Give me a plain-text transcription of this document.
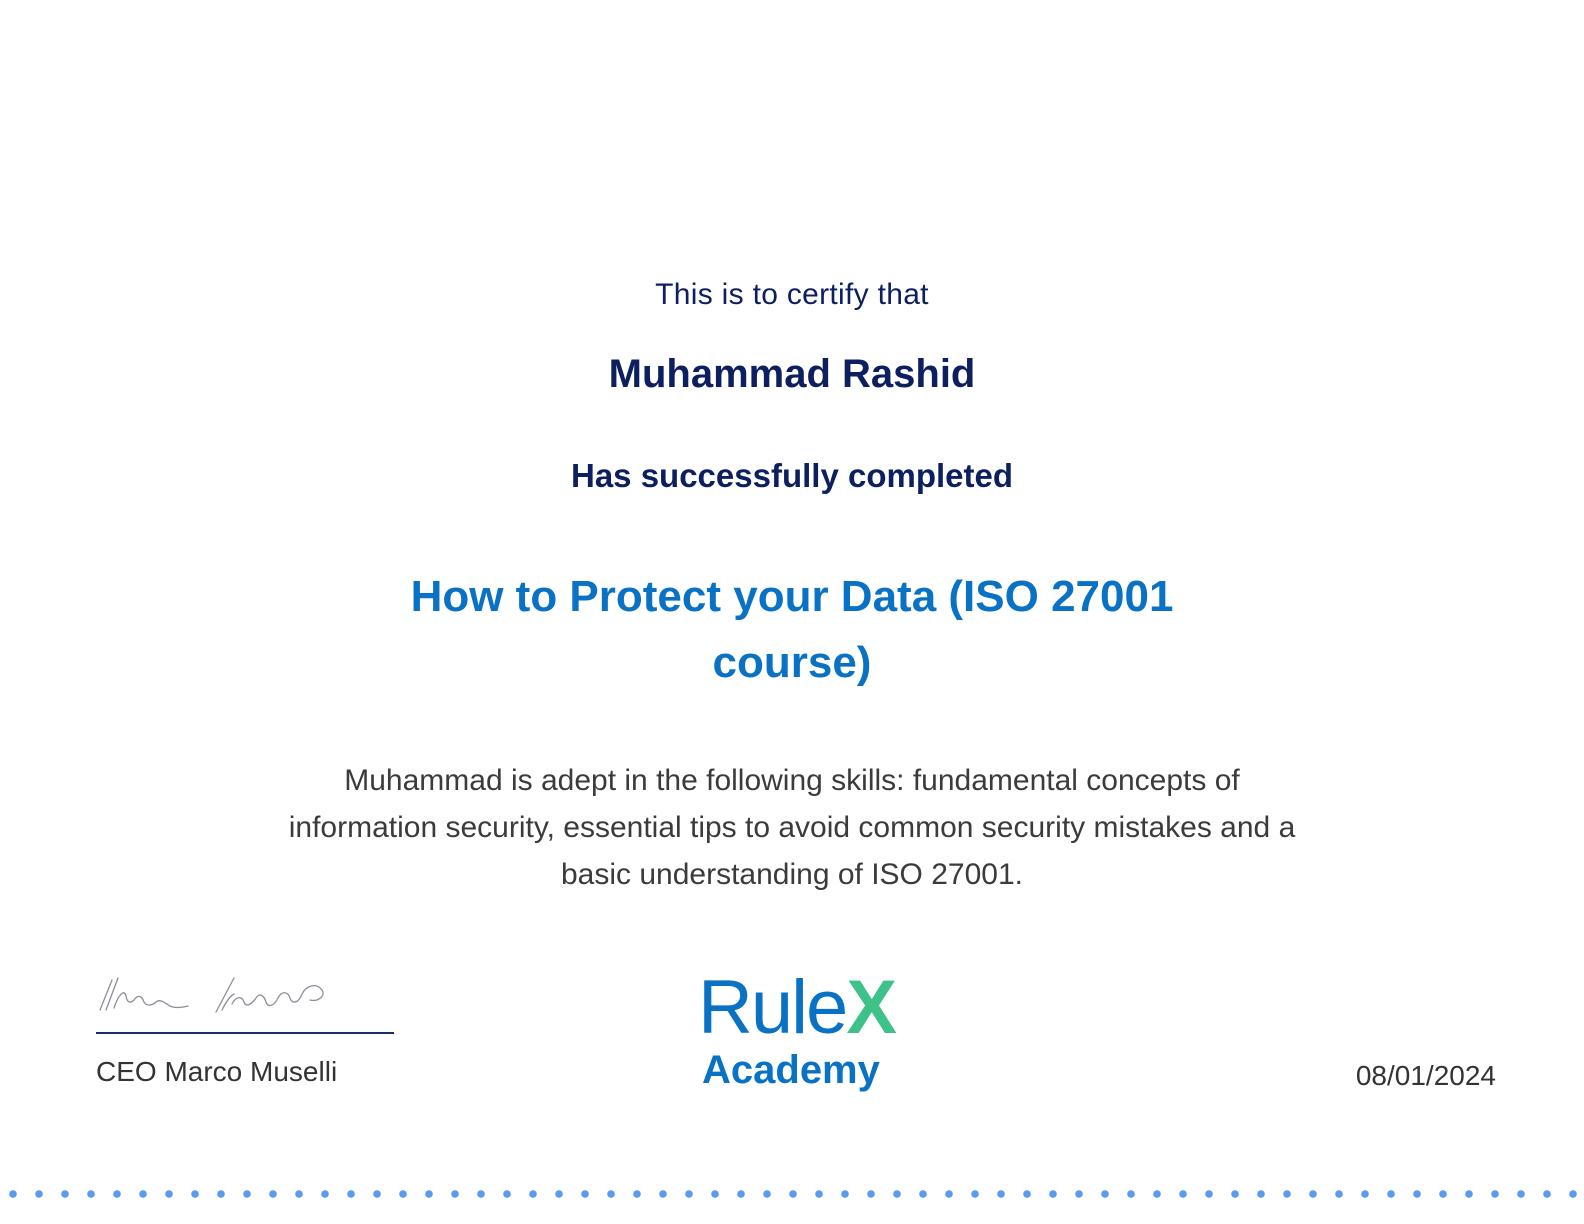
This is to certify that
Muhammad Rashid
Has successfully completed
How to Protect your Data (ISO 27001 course)
Muhammad is adept in the following skills: fundamental concepts of information security, essential tips to avoid common security mistakes and a basic understanding of ISO 27001.
CEO Marco Muselli
RuleX
Academy	08/01/2024
